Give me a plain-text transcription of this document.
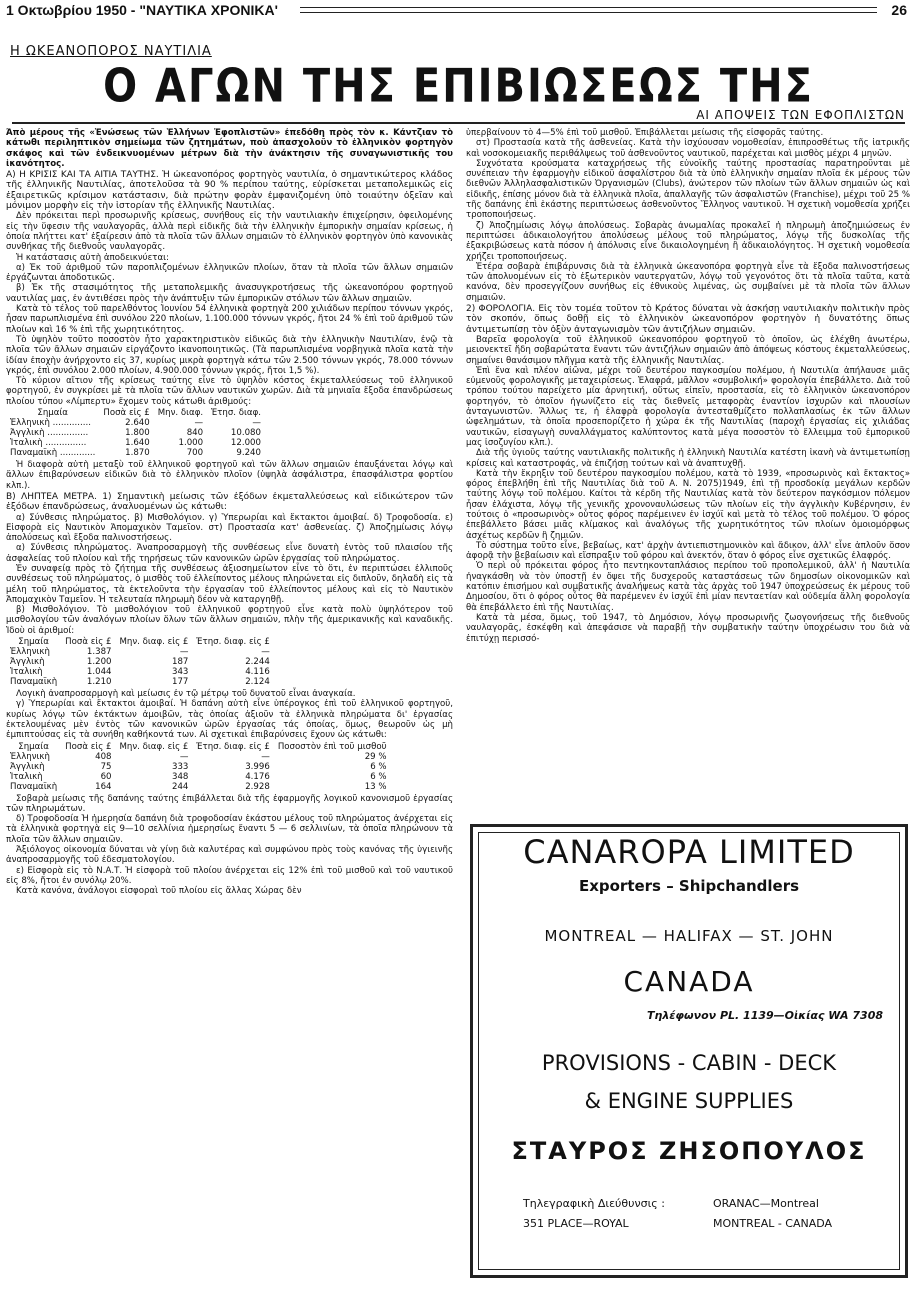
1 Οκτωβρίου 1950 - "ΝΑΥΤΙΚΑ ΧΡΟΝΙΚΑ'	26
Η ΩΚΕΑΝΟΠΟΡΟΣ ΝΑΥΤΙΛΙΑ
Ο ΑΓΩΝ ΤΗΣ ΕΠΙΒΙΩΣΕΩΣ ΤΗΣ
ΑΙ ΑΠΟΨΕΙΣ ΤΩΝ ΕΦΟΠΛΙΣΤΩΝ

Ἀπὸ μέρους τῆς «Ἑνώσεως τῶν Ἑλλήνων Ἐφοπλιστῶν» ἐπεδόθη πρὸς τὸν κ. Κάντζιαν τὸ κάτωθι περιληπτικὸν σημείωμα τῶν ζητημάτων, ποὺ ἀπασχολοῦν τὸ ἑλληνικὸν φορτηγὸν σκάφος καὶ τῶν ἐνδεικνυομένων μέτρων διὰ τὴν ἀνάκτησιν τῆς συναγωνιστικῆς του ἱκανότητος.

Α) Η ΚΡΙΣΙΣ ΚΑΙ ΤΑ ΑΙΤΙΑ ΤΑΥΤΗΣ. Ἡ ὠκεανοπόρος φορτηγὸς ναυτιλία, ὁ σημαντικώτερος κλάδος τῆς ἑλληνικῆς Ναυτιλίας, ἀποτελοῦσα τὰ 90 % περίπου ταύτης, εὑρίσκεται μεταπολεμικῶς εἰς ἐξαιρετικῶς κρίσιμον κατάστασιν, διὰ πρώτην φορὰν ἐμφανιζομένη ὑπὸ τοιαύτην ὀξεῖαν καὶ μόνιμον μορφὴν εἰς τὴν ἱστορίαν τῆς ἑλληνικῆς Ναυτιλίας.

Δὲν πρόκειται περὶ προσωρινῆς κρίσεως, συνήθους εἰς τὴν ναυτιλιακὴν ἐπιχείρησιν, ὀφειλομένης εἰς τὴν ὕφεσιν τῆς ναυλαγορᾶς, ἀλλὰ περὶ εἰδικῆς διὰ τὴν ἑλληνικὴν ἐμπορικὴν σημαίαν κρίσεως, ἡ ὁποία πλήττει κατ' ἐξαίρεσιν ἀπὸ τὰ πλοῖα τῶν ἄλλων σημαιῶν τὸ ἑλληνικὸν φορτηγὸν ὑπὸ κανονικὰς συνθήκας τῆς διεθνοῦς ναυλαγορᾶς.

Ἡ κατάστασις αὐτὴ ἀποδεικνύεται:

α) Ἐκ τοῦ ἀριθμοῦ τῶν παροπλιζομένων ἑλληνικῶν πλοίων, ὅταν τὰ πλοῖα τῶν ἄλλων σημαιῶν ἐργάζωνται ἀποδοτικῶς.

β) Ἐκ τῆς στασιμότητος τῆς μεταπολεμικῆς ἀνασυγκροτήσεως τῆς ὠκεανοπόρου φορτηγοῦ ναυτιλίας μας, ἐν ἀντιθέσει πρὸς τὴν ἀνάπτυξιν τῶν ἐμπορικῶν στόλων τῶν ἄλλων σημαιῶν.

Κατὰ τὸ τέλος τοῦ παρελθόντος Ἰουνίου 54 ἑλληνικὰ φορτηγὰ 200 χιλιάδων περίπου τόννων γκρός, ἦσαν παρωπλισμένα ἐπὶ συνόλου 220 πλοίων, 1.100.000 τόννων γκρός, ἤτοι 24 % ἐπὶ τοῦ ἀριθμοῦ τῶν πλοίων καὶ 16 % ἐπὶ τῆς χωρητικότητος.

Τὸ ὑψηλὸν τοῦτο ποσοστὸν ἦτο χαρακτηριστικὸν εἰδικῶς διὰ τὴν ἑλληνικὴν Ναυτιλίαν, ἐνῷ τὰ πλοῖα τῶν ἄλλων σημαιῶν εἰργάζοντο ἱκανοποιητικῶς. (Τὰ παρωπλισμένα νορβηγικὰ πλοῖα κατὰ τὴν ἰδίαν ἐποχὴν ἀνήρχοντο εἰς 37, κυρίως μικρὰ φορτηγὰ κάτω τῶν 2.500 τόννων γκρός, 78.000 τόννων γκρός, ἐπὶ συνόλου 2.000 πλοίων, 4.900.000 τόννων γκρός, ἤτοι 1,5 %).

Τὸ κύριον αἴτιον τῆς κρίσεως ταύτης εἶνε τὸ ὑψηλὸν κόστος ἐκμεταλλεύσεως τοῦ ἑλληνικοῦ φορτηγοῦ, ἐν συγκρίσει μὲ τὰ πλοῖα τῶν ἄλλων ναυτικῶν χωρῶν. Διὰ τὰ μηνιαῖα ἔξοδα ἐπανδρώσεως πλοίου τύπου «Λίμπερτυ» ἔχομεν τοὺς κάτωθι ἀριθμούς:

Σημαία	Ποσὰ εἰς £	Μην. διαφ.	Ἐτησ. διαφ.
Ἑλληνικὴ ..............	2.640	—	—
Ἀγγλικὴ ...............	1.800	840	10.080
Ἰταλικὴ ...............	1.640	1.000	12.000
Παναμαϊκὴ .............	1.870	700	9.240

Ἡ διαφορὰ αὐτὴ μεταξὺ τοῦ ἑλληνικοῦ φορτηγοῦ καὶ τῶν ἄλλων σημαιῶν ἐπαυξάνεται λόγῳ καὶ ἄλλων ἐπιβαρύνσεων εἰδικῶν διὰ τὸ ἑλληνικὸν πλοῖον (ὑψηλὰ ἀσφάλιστρα, ἐπασφάλιστρα φορτίου κλπ.).

Β) ΛΗΠΤΕΑ ΜΕΤΡΑ. 1) Σημαντικὴ μείωσις τῶν ἐξόδων ἐκμεταλλεύσεως καὶ εἰδικώτερον τῶν ἐξόδων ἐπανδρώσεως, ἀναλυομένων ὡς κάτωθι:

α) Σύνθεσις πληρώματος. β) Μισθολόγιον. γ) Ὑπερωρίαι καὶ ἔκτακτοι ἀμοιβαί. δ) Τροφοδοσία. ε) Εἰσφορὰ εἰς Ναυτικὸν Ἀπομαχικὸν Ταμεῖον. στ) Προστασία κατ' ἀσθενείας. ζ) Ἀποζημίωσις λόγῳ ἀπολύσεως καὶ ἔξοδα παλινοστήσεως.

α) Σύνθεσις πληρώματος. Ἀναπροσαρμογὴ τῆς συνθέσεως εἶνε δυνατὴ ἐντὸς τοῦ πλαισίου τῆς ἀσφαλείας τοῦ πλοίου καὶ τῆς τηρήσεως τῶν κανονικῶν ὡρῶν ἐργασίας τοῦ πληρώματος.

Ἐν συναφείᾳ πρὸς τὸ ζήτημα τῆς συνθέσεως ἀξιοσημείωτον εἶνε τὸ ὅτι, ἐν περιπτώσει ἐλλιποῦς συνθέσεως τοῦ πληρώματος, ὁ μισθὸς τοῦ ἐλλείποντος μέλους πληρώνεται εἰς διπλοῦν, δηλαδὴ εἰς τὰ μέλη τοῦ πληρώματος, τὰ ἐκτελοῦντα τὴν ἐργασίαν τοῦ ἐλλείποντος μέλους καὶ εἰς τὸ Ναυτικὸν Ἀπομαχικὸν Ταμεῖον. Ἡ τελευταία πληρωμὴ δέον νὰ καταργηθῇ.

β) Μισθολόγιον. Τὸ μισθολόγιον τοῦ ἑλληνικοῦ φορτηγοῦ εἶνε κατὰ πολὺ ὑψηλότερον τοῦ μισθολογίου τῶν ἀναλόγων πλοίων ὅλων τῶν ἄλλων σημαιῶν, πλὴν τῆς ἀμερικανικῆς καὶ καναδικῆς. Ἰδοὺ οἱ ἀριθμοί:

Σημαία	Ποσὰ εἰς £	Μην. διαφ. εἰς £	Ἐτησ. διαφ. εἰς £
Ἑλληνικὴ	1.387	—	—
Ἀγγλικὴ	1.200	187	2.244
Ἰταλικὴ	1.044	343	4.116
Παναμαϊκὴ	1.210	177	2.124

Λογικὴ ἀναπροσαρμογὴ καὶ μείωσις ἐν τῷ μέτρῳ τοῦ δυνατοῦ εἶναι ἀναγκαία.

γ) Ὑπερωρίαι καὶ ἔκτακτοι ἀμοιβαί. Ἡ δαπάνη αὐτὴ εἶνε ὑπέρογκος ἐπὶ τοῦ ἑλληνικοῦ φορτηγοῦ, κυρίως λόγῳ τῶν ἐκτάκτων ἀμοιβῶν, τὰς ὁποίας ἀξιοῦν τὰ ἑλληνικὰ πληρώματα δι' ἐργασίας ἐκτελουμένας μὲν ἐντὸς τῶν κανονικῶν ὡρῶν ἐργασίας τάς ὁποίας, ὅμως, θεωροῦν ὡς μὴ ἐμπιπτούσας εἰς τὰ συνήθη καθήκοντά των. Αἱ σχετικαὶ ἐπιβαρύνσεις ἔχουν ὡς κάτωθι:

Σημαία	Ποσὰ εἰς £	Μην. διαφ. εἰς £	Ἐτησ. διαφ. εἰς £	Ποσοστὸν ἐπὶ τοῦ μισθοῦ
Ἑλληνικὴ	408	—	—	29 %
Ἀγγλικὴ	75	333	3.996	6 %
Ἰταλικὴ	60	348	4.176	6 %
Παναμαϊκὴ	164	244	2.928	13 %

Σοβαρὰ μείωσις τῆς δαπάνης ταύτης ἐπιβάλλεται διὰ τῆς ἐφαρμογῆς λογικοῦ κανονισμοῦ ἐργασίας τῶν πληρωμάτων.

δ) Τροφοδοσία Ἡ ἡμερησία δαπάνη διὰ τροφοδοσίαν ἑκάστου μέλους τοῦ πληρώματος ἀνέρχεται εἰς τὰ ἑλληνικὰ φορτηγὰ εἰς 9—10 σελλίνια ἡμερησίως ἔναντι 5 — 6 σελλινίων, τὰ ὁποῖα πληρώνουν τὰ πλοῖα τῶν ἄλλων σημαιῶν.

Ἀξιόλογος οἰκονομία δύναται νὰ γίνῃ διὰ καλυτέρας καὶ συμφώνου πρὸς τοὺς κανόνας τῆς ὑγιεινῆς ἀναπροσαρμογῆς τοῦ ἐδεσματολογίου.

ε) Εἰσφορὰ εἰς τὸ Ν.Α.Τ. Ἡ εἰσφορὰ τοῦ πλοίου ἀνέρχεται εἰς 12% ἐπὶ τοῦ μισθοῦ καὶ τοῦ ναυτικοῦ εἰς 8%, ἤτοι ἐν συνόλῳ 20%.

Κατὰ κανόνα, ἀνάλογοι εἰσφοραὶ τοῦ πλοίου εἰς ἄλλας Χώρας δὲν

ὑπερβαίνουν τὸ 4—5% ἐπὶ τοῦ μισθοῦ. Ἐπιβάλλεται μείωσις τῆς εἰσφορᾶς ταύτης.

στ) Προστασία κατὰ τῆς ἀσθενείας. Κατὰ τὴν ἰσχύουσαν νομοθεσίαν, ἐπιπροσθέτως τῆς ἰατρικῆς καὶ νοσοκομειακῆς περιθάλψεως τοῦ ἀσθενοῦντος ναυτικοῦ, παρέχεται καὶ μισθὸς μέχρι 4 μηνῶν.

Συχνότατα κρούσματα καταχρήσεως τῆς εὐνοϊκῆς ταύτης προστασίας παρατηροῦνται μὲ συνέπειαν τὴν ἐφαρμογὴν εἰδικοῦ ἀσφαλίστρου διὰ τὰ ὑπὸ ἑλληνικὴν σημαίαν πλοῖα ἐκ μέρους τῶν διεθνῶν Ἀλληλασφαλιστικῶν Ὀργανισμῶν (Clubs), ἀνώτερον τῶν πλοίων τῶν ἄλλων σημαιῶν ὡς καὶ εἰδικῆς, ἐπίσης μόνον διὰ τὰ ἑλληνικὰ πλοῖα, ἀπαλλαγῆς τῶν ἀσφαλιστῶν (Franchise), μέχρι τοῦ 25 % τῆς δαπάνης ἐπὶ ἑκάστης περιπτώσεως ἀσθενοῦντος Ἕλληνος ναυτικοῦ. Ἡ σχετικὴ νομοθεσία χρήζει τροποποιήσεως.

ζ) Ἀποζημίωσις λόγῳ ἀπολύσεως. Σοβαρὰς ἀνωμαλίας προκαλεῖ ἡ πληρωμὴ ἀποζημιώσεως ἐν περιπτώσει ἀδικαιολογήτου ἀπολύσεως μέλους τοῦ πληρώματος, λόγῳ τῆς δυσκολίας τῆς ἐξακριβώσεως κατὰ πόσον ἡ ἀπόλυσις εἶνε δικαιολογημένη ἢ ἀδικαιολόγητος. Ἡ σχετικὴ νομοθεσία χρήζει τροποποιήσεως.

Ἑτέρα σοβαρὰ ἐπιβάρυνσις διὰ τὰ ἑλληνικὰ ὠκεανοπόρα φορτηγὰ εἶνε τὰ ἔξοδα παλινοστήσεως τῶν ἀπολυομένων εἰς τὸ ἐξωτερικὸν ναυτεργατῶν, λόγῳ τοῦ γεγονότος ὅτι τὰ πλοῖα ταῦτα, κατὰ κανόνα, δὲν προσεγγίζουν συνήθως εἰς ἐθνικοὺς λιμένας, ὡς συμβαίνει μὲ τὰ πλοῖα τῶν ἄλλων σημαιῶν.

2) ΦΟΡΟΛΟΓΙΑ. Εἰς τὸν τομέα τοῦτον τὸ Κράτος δύναται νὰ ἀσκήσῃ ναυτιλιακὴν πολιτικὴν πρὸς τὸν σκοπόν, ὅπως δοθῇ εἰς τὸ ἑλληνικὸν ὠκεανοπόρον φορτηγὸν ἡ δυνατότης ὅπως ἀντιμετωπίσῃ τὸν ὀξὺν ἀνταγωνισμὸν τῶν ἀντιζήλων σημαιῶν.

Βαρεῖα φορολογία τοῦ ἑλληνικοῦ ὠκεανοπόρου φορτηγοῦ τὸ ὁποῖον, ὡς ἐλέχθη ἀνωτέρω, μειονεκτεῖ ἤδη σοβαρώτατα ἔναντι τῶν ἀντιζήλων σημαιῶν ἀπὸ ἀπόψεως κόστους ἐκμεταλλεύσεως, σημαίνει θανάσιμον πλῆγμα κατὰ τῆς ἑλληνικῆς Ναυτιλίας.

Ἐπὶ ἕνα καὶ πλέον αἰῶνα, μέχρι τοῦ δευτέρου παγκοσμίου πολέμου, ἡ Ναυτιλία ἀπήλαυσε μιᾶς εὐμενοῦς φορολογικῆς μεταχειρίσεως. Ἐλαφρά, μᾶλλον «συμβολική» φορολογία ἐπεβάλλετο. Διὰ τοῦ τρόπου τούτου παρείχετο μία ἀρνητική, οὕτως εἰπεῖν, προστασία, εἰς τὸ ἑλληνικὸν ὠκεανοπόρον φορτηγόν, τὸ ὁποῖον ἠγωνίζετο εἰς τὰς διεθνεῖς μεταφορὰς ἐναντίον ἰσχυρῶν καὶ πλουσίων ἀνταγωνιστῶν. Ἄλλως τε, ἡ ἐλαφρὰ φορολογία ἀντεσταθμίζετο πολλαπλασίως ἐκ τῶν ἄλλων ὠφελημάτων, τὰ ὁποῖα προσεπορίζετο ἡ χώρα ἐκ τῆς Ναυτιλίας (παροχὴ ἐργασίας εἰς χιλιάδας ναυτικῶν, εἰσαγωγὴ συναλλάγματος καλύπτοντος κατὰ μέγα ποσοστὸν τὸ ἔλλειμμα τοῦ ἐμπορικοῦ μας ἰσοζυγίου κλπ.).

Διὰ τῆς ὑγιοῦς ταύτης ναυτιλιακῆς πολιτικῆς ἡ ἑλληνικὴ Ναυτιλία κατέστη ἱκανὴ νὰ ἀντιμετωπίσῃ κρίσεις καὶ καταστροφάς, νὰ ἐπιζήσῃ τούτων καὶ νὰ ἀναπτυχθῇ.

Κατὰ τὴν ἔκρηξιν τοῦ δευτέρου παγκοσμίου πολέμου, κατὰ τὸ 1939, «προσωρινὸς καὶ ἔκτακτος» φόρος ἐπεβλήθη ἐπὶ τῆς Ναυτιλίας διὰ τοῦ Α. Ν. 2075)1949, ἐπὶ τῇ προσδοκίᾳ μεγάλων κερδῶν ταύτης λόγῳ τοῦ πολέμου. Καίτοι τὰ κέρδη τῆς Ναυτιλίας κατὰ τὸν δεύτερον παγκόσμιον πόλεμον ἦσαν ἐλάχιστα, λόγῳ τῆς γενικῆς χρονοναυλώσεως τῶν πλοίων εἰς τὴν ἀγγλικὴν Κυβέρνησιν, ἐν τούτοις ὁ «προσωρινὸς» οὗτος φόρος παρέμεινεν ἐν ἰσχύϊ καὶ μετὰ τὸ τέλος τοῦ πολέμου. Ὁ φόρος ἐπεβάλλετο βάσει μιᾶς κλίμακος καὶ ἀναλόγως τῆς χωρητικότητος τῶν πλοίων ὁμοιομόρφως ἀσχέτως κερδῶν ἢ ζημιῶν.

Τὸ σύστημα τοῦτο εἶνε, βεβαίως, κατ' ἀρχὴν ἀντιεπιστημονικὸν καὶ ἄδικον, ἀλλ' εἶνε ἁπλοῦν ὅσον ἀφορᾷ τὴν βεβαίωσιν καὶ εἴσπραξιν τοῦ φόρου καὶ ἀνεκτόν, ὅταν ὁ φόρος εἶνε σχετικῶς ἐλαφρός.

Ὁ περὶ οὗ πρόκειται φόρος ἦτο πεντηκονταπλάσιος περίπου τοῦ προπολεμικοῦ, ἀλλ' ἡ Ναυτιλία ἠναγκάσθη νὰ τὸν ὑποστῇ ἐν ὄψει τῆς δυσχεροῦς καταστάσεως τῶν δημοσίων οἰκονομικῶν καὶ κατόπιν ἐπισήμου καὶ συμβατικῆς ἀναλήψεως κατὰ τὰς ἀρχὰς τοῦ 1947 ὑποχρεώσεως ἐκ μέρους τοῦ Δημοσίου, ὅτι ὁ φόρος οὗτος θὰ παρέμενεν ἐν ἰσχύϊ ἐπὶ μίαν πενταετίαν καὶ οὐδεμία ἄλλη φορολογία θὰ ἐπεβάλλετο ἐπὶ τῆς Ναυτιλίας.

Κατὰ τὰ μέσα, ὅμως, τοῦ 1947, τὸ Δημόσιον, λόγῳ προσωρινῆς ζωογονήσεως τῆς διεθνοῦς ναυλαγορᾶς, ἐσκέφθη καὶ ἀπεφάσισε νὰ παραβῇ τὴν συμβατικὴν ταύτην ὑποχρέωσιν του διὰ νὰ ἐπιτύχῃ περισσό-

CANAROPA LIMITED
Exporters – Shipchandlers
MONTREAL — HALIFAX — ST. JOHN
CANADA
Τηλέφωνον PL. 1139—Οἰκίας WA 7308
PROVISIONS - CABIN - DECK
& ENGINE SUPPLIES
ΣΤΑΥΡΟΣ ΖΗΣΟΠΟΥΛΟΣ
Τηλεγραφικὴ Διεύθυνσις :	ORANAC—Montreal
351 PLACE—ROYAL	MONTREAL - CANADA
